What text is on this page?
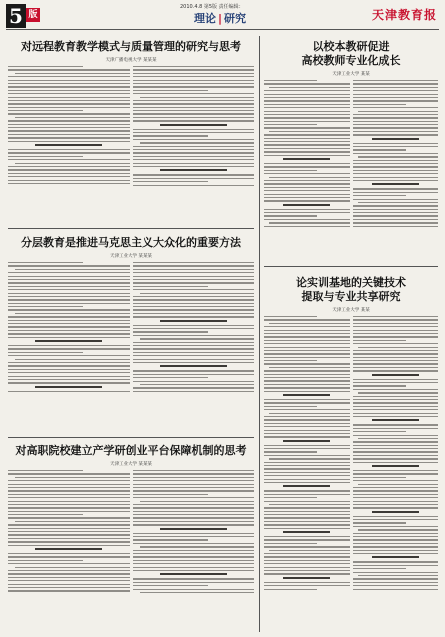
5 版
2010.4.8 第5版 责任编辑：
理论 | 研究	天津教育报
对远程教育教学模式与质量管理的研究与思考
天津广播电视大学 某某某
分层教育是推进马克思主义大众化的重要方法
天津工业大学 某某某
对高职院校建立产学研创业平台保障机制的思考
天津工业大学 某某某
以校本教研促进
高校教师专业化成长
天津工业大学 某某
论实训基地的关键技术
提取与专业共享研究
天津工业大学 某某
